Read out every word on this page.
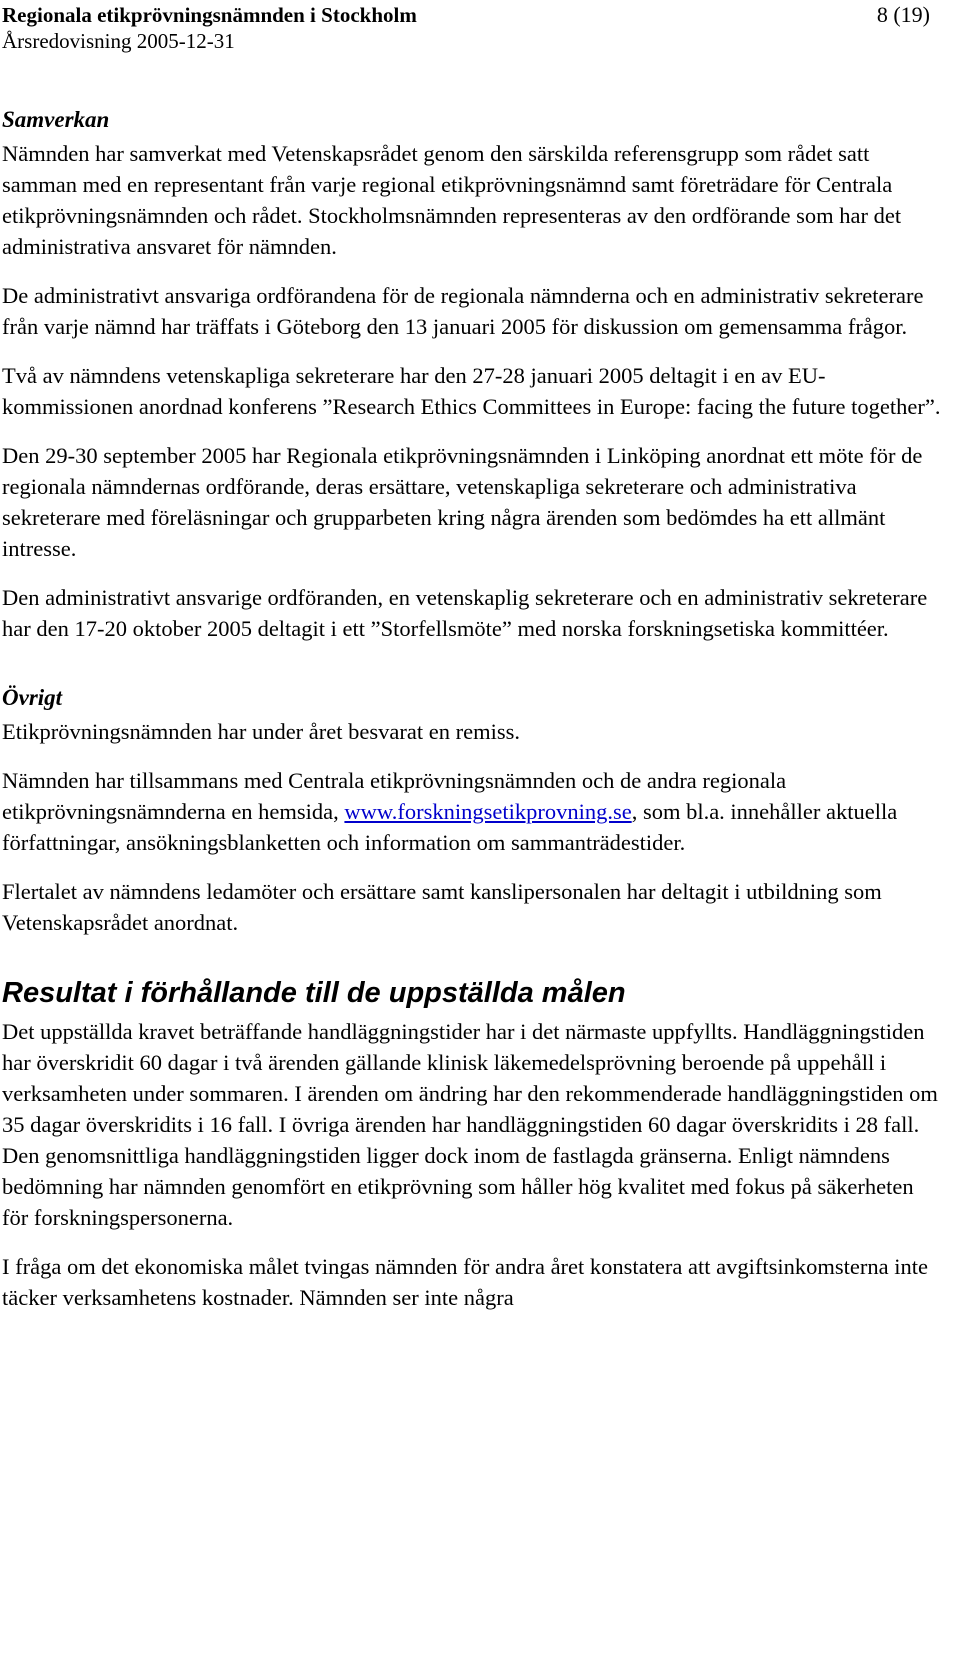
Regionala etikprövningsnämnden i Stockholm
Årsredovisning 2005-12-31
8 (19)
Samverkan

Nämnden har samverkat med Vetenskapsrådet genom den särskilda referensgrupp som rådet satt samman med en representant från varje regional etikprövningsnämnd samt företrädare för Centrala etikprövningsnämnden och rådet. Stockholmsnämnden representeras av den ordförande som har det administrativa ansvaret för nämnden.

De administrativt ansvariga ordförandena för de regionala nämnderna och en administrativ sekreterare från varje nämnd har träffats i Göteborg den 13 januari 2005 för diskussion om gemensamma frågor.

Två av nämndens vetenskapliga sekreterare har den 27-28 januari 2005 deltagit i en av EU-kommissionen anordnad konferens ”Research Ethics Committees in Europe: facing the future together”.

Den 29-30 september 2005 har Regionala etikprövningsnämnden i Linköping anordnat ett möte för de regionala nämndernas ordförande, deras ersättare, vetenskapliga sekreterare och administrativa sekreterare med föreläsningar och grupparbeten kring några ärenden som bedömdes ha ett allmänt intresse.

Den administrativt ansvarige ordföranden, en vetenskaplig sekreterare och en administrativ sekreterare har den 17-20 oktober 2005 deltagit i ett ”Storfellsmöte” med norska forskningsetiska kommittéer.

Övrigt

Etikprövningsnämnden har under året besvarat en remiss.

Nämnden har tillsammans med Centrala etikprövningsnämnden och de andra regionala etikprövningsnämnderna en hemsida, www.forskningsetikprovning.se, som bl.a. innehåller aktuella författningar, ansökningsblanketten och information om sammanträdestider.

Flertalet av nämndens ledamöter och ersättare samt kanslipersonalen har deltagit i utbildning som Vetenskapsrådet anordnat.

Resultat i förhållande till de uppställda målen

Det uppställda kravet beträffande handläggningstider har i det närmaste uppfyllts. Handläggningstiden har överskridit 60 dagar i två ärenden gällande klinisk läkemedelsprövning beroende på uppehåll i verksamheten under sommaren. I ärenden om ändring har den rekommenderade handläggningstiden om 35 dagar överskridits i 16 fall. I övriga ärenden har handläggningstiden 60 dagar överskridits i 28 fall. Den genomsnittliga handläggningstiden ligger dock inom de fastlagda gränserna. Enligt nämndens bedömning har nämnden genomfört en etikprövning som håller hög kvalitet med fokus på säkerheten för forskningspersonerna.

I fråga om det ekonomiska målet tvingas nämnden för andra året konstatera att avgiftsinkomsterna inte täcker verksamhetens kostnader. Nämnden ser inte några
